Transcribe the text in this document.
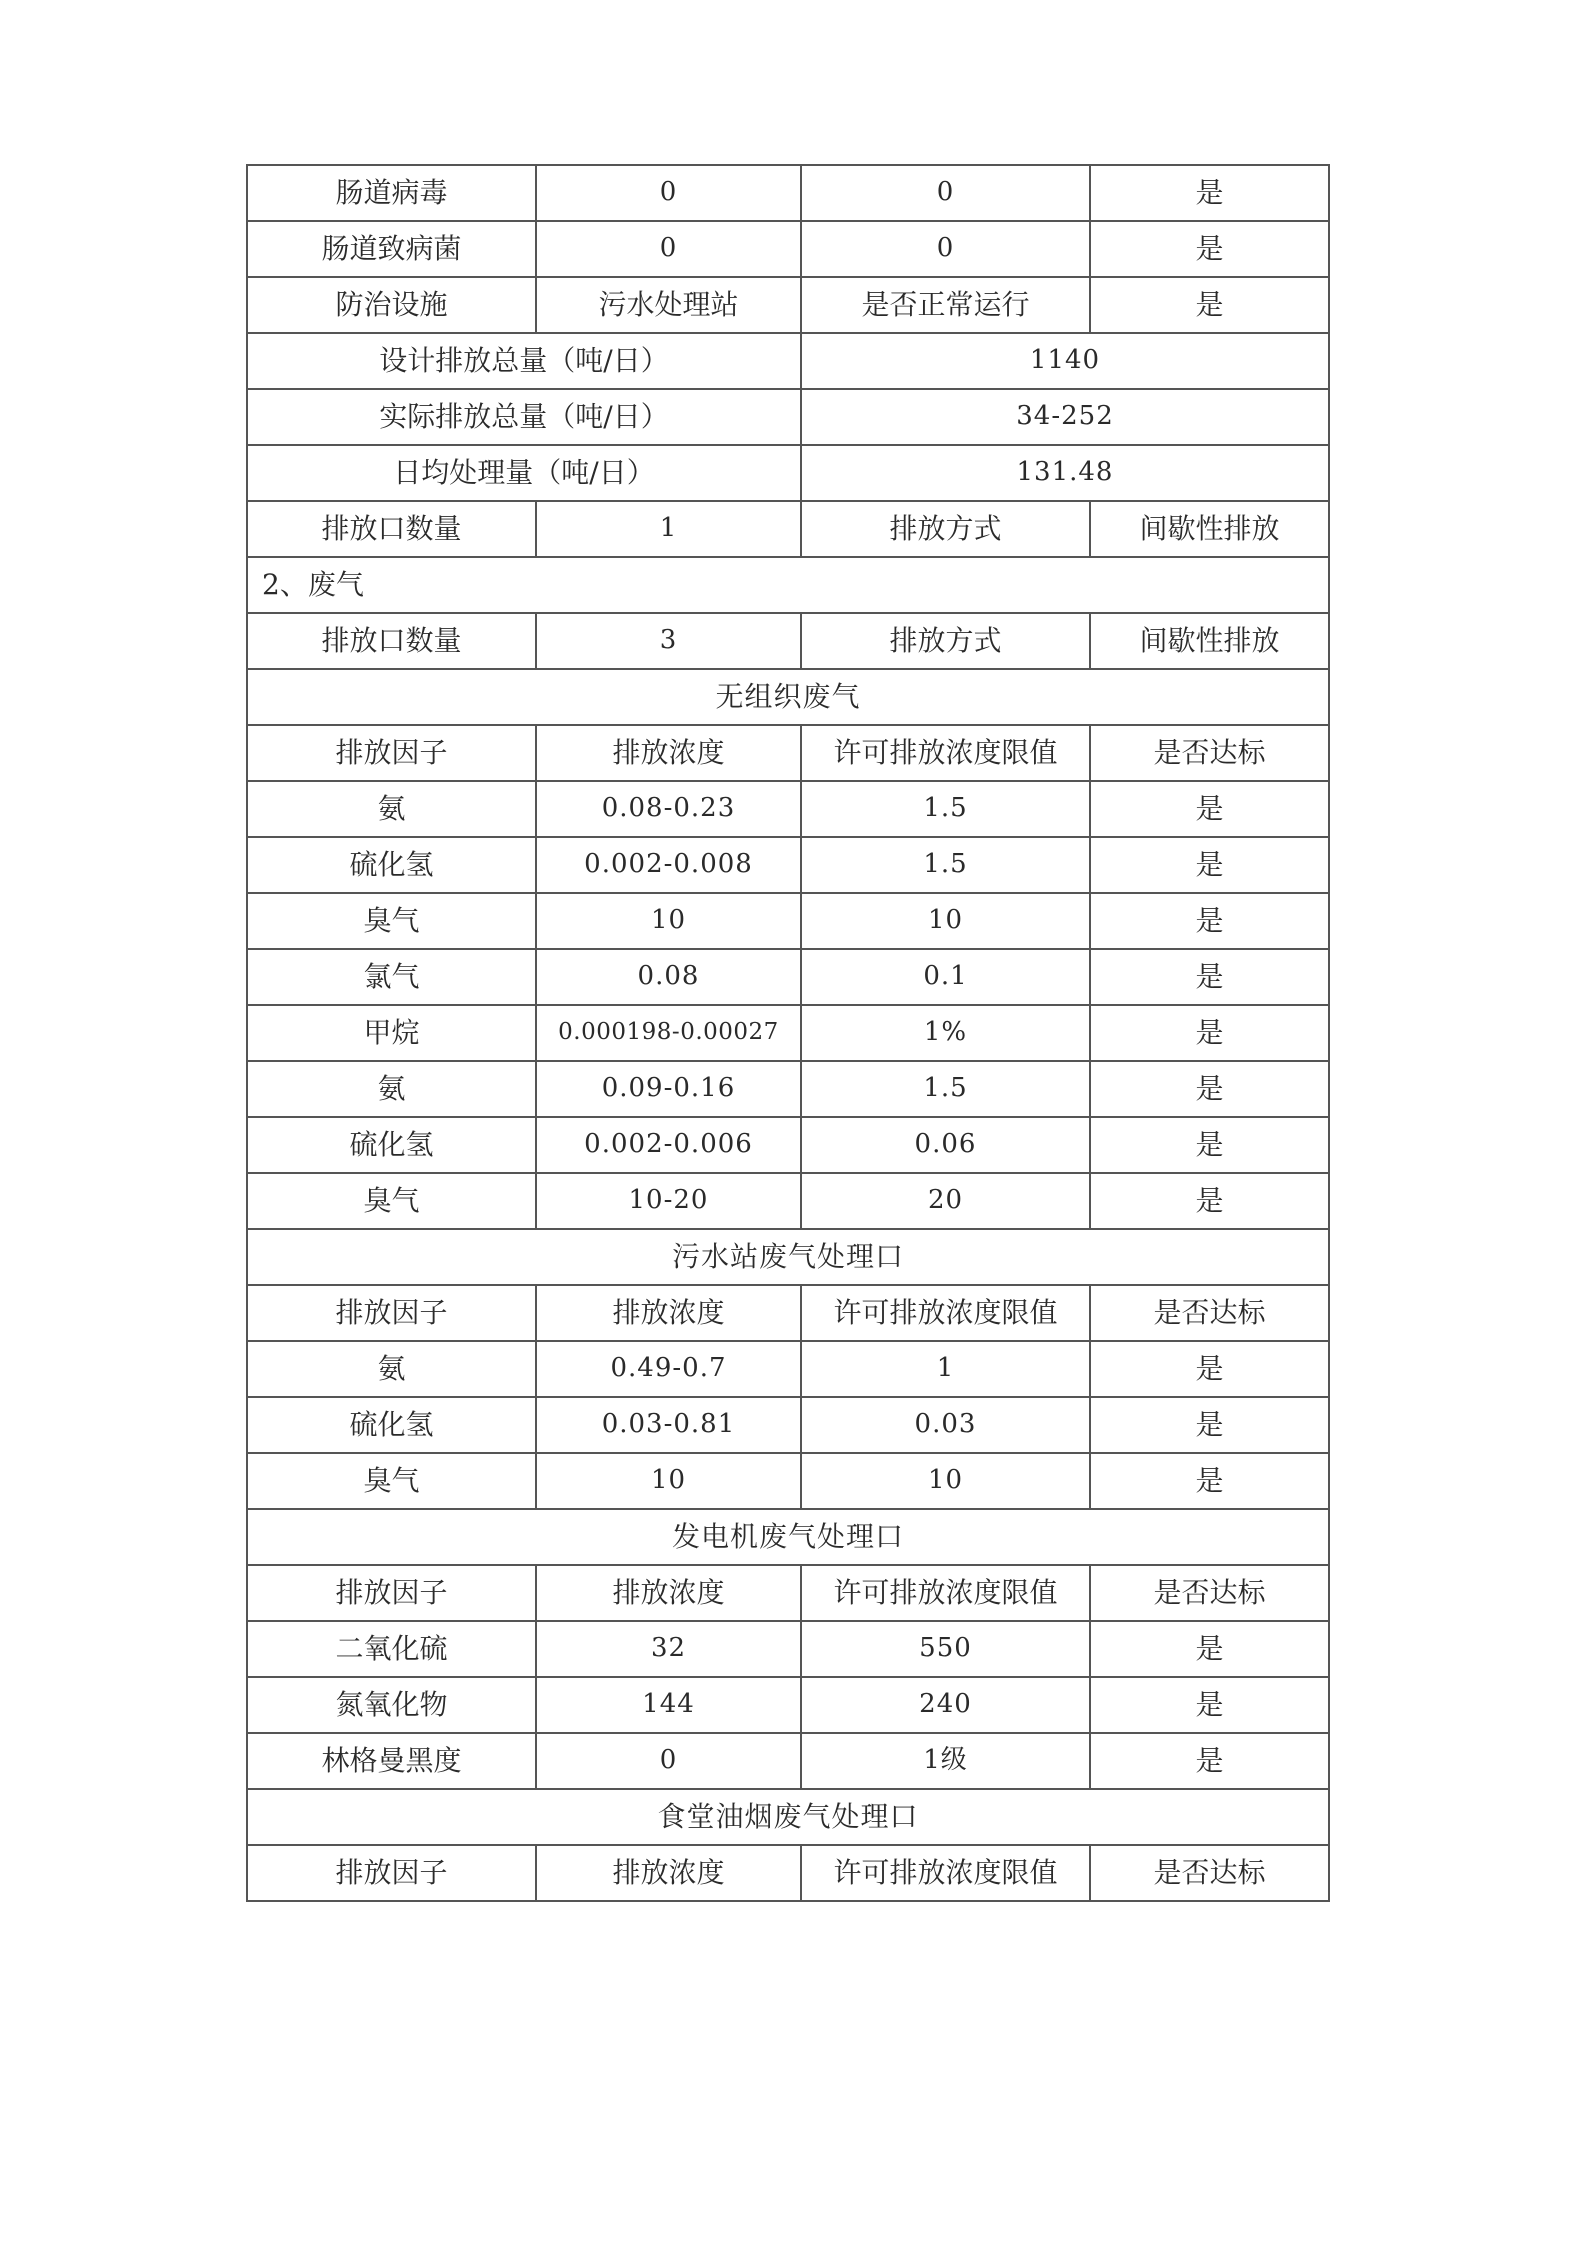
肠道病毒	0	0	是
肠道致病菌	0	0	是
防治设施	污水处理站	是否正常运行	是
设计排放总量（吨/日）		1140	
实际排放总量（吨/日）		34-252	
日均处理量（吨/日）		131.48	
排放口数量	1	排放方式	间歇性排放
2、废气			
排放口数量	3	排放方式	间歇性排放
无组织废气			
排放因子	排放浓度	许可排放浓度限值	是否达标
氨	0.08-0.23	1.5	是
硫化氢	0.002-0.008	1.5	是
臭气	10	10	是
氯气	0.08	0.1	是
甲烷	0.000198-0.00027	1%	是
氨	0.09-0.16	1.5	是
硫化氢	0.002-0.006	0.06	是
臭气	10-20	20	是
污水站废气处理口			
排放因子	排放浓度	许可排放浓度限值	是否达标
氨	0.49-0.7	1	是
硫化氢	0.03-0.81	0.03	是
臭气	10	10	是
发电机废气处理口			
排放因子	排放浓度	许可排放浓度限值	是否达标
二氧化硫	32	550	是
氮氧化物	144	240	是
林格曼黑度	0	1级	是
食堂油烟废气处理口			
排放因子	排放浓度	许可排放浓度限值	是否达标
